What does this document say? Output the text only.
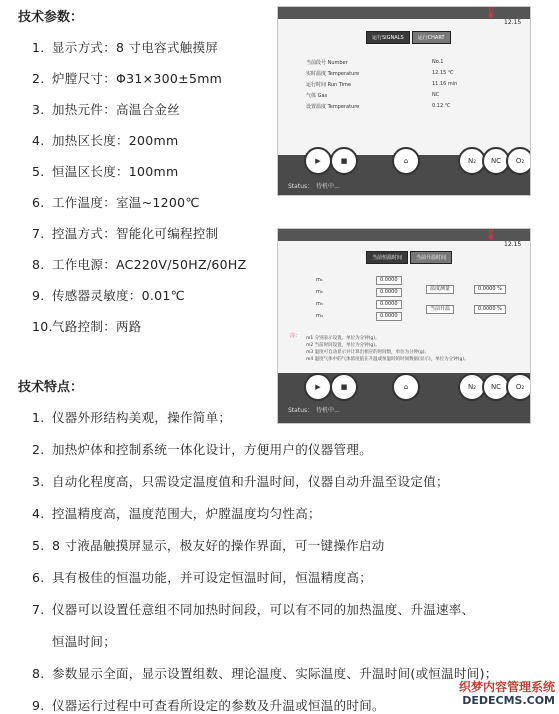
技术参数：
1. 显示方式：8 寸电容式触摸屏
2. 炉膛尺寸：Φ31×300±5mm
3. 加热元件：高温合金丝
4. 加热区长度：200mm
5. 恒温区长度：100mm
6. 工作温度：室温~1200℃
7. 控温方式：智能化可编程控制
8. 工作电源：AC220V/50HZ/60HZ
9. 传感器灵敏度：0.01℃
10.气路控制：两路
技术特点：
1. 仪器外形结构美观，操作简单；
2. 加热炉体和控制系统一体化设计，方便用户的仪器管理。
3. 自动化程度高，只需设定温度值和升温时间，仪器自动升温至设定值；
4. 控温精度高，温度范围大，炉膛温度均匀性高；
5. 8 寸液晶触摸屏显示，极友好的操作界面，可一键操作启动
6. 具有极佳的恒温功能，并可设定恒温时间，恒温精度高；
7. 仪器可以设置任意组不同加热时间段，可以有不同的加热温度、升温速率、
恒温时间；
8. 参数显示全面，显示设置组数、理论温度、实际温度、升温时间(或恒温时间)；
9. 仪器运行过程中可查看所设定的参数及升温或恒温的时间。
🌡
12.15
运行SIGNALS	运行CHART
当前段号 Number	No.1
实时温度 Temperature	12.15 ℃
运行时间 Run Time	11.16 min
气体 Gas	NC
设置温度 Temperature	0.12 ℃
▶	■	⌂	N₂	NC	O₂
Status： 待机中...
🌡
12.15
当前恒温时间	当前升温时间
m₁	0.0000
m₂	0.0000
m₃	0.0000
m₄	0.0000
温度测量	0.0000 %
当前升温	0.0000 %
注： m1 分别表示设置、单位为分钟(g)。
m2 当前时间设置，单位为分钟(g)。
m3 温度可自动显示并计算出相应的时间数，单位为分钟(g)。
m4 温度气体中的气体浓度值在升温或恒温时的时间数据(显示)，单位为分钟(g)。
▶	■	⌂	N₂	NC	O₂
Status： 待机中...
织梦内容管理系统
DEDECMS.COM
